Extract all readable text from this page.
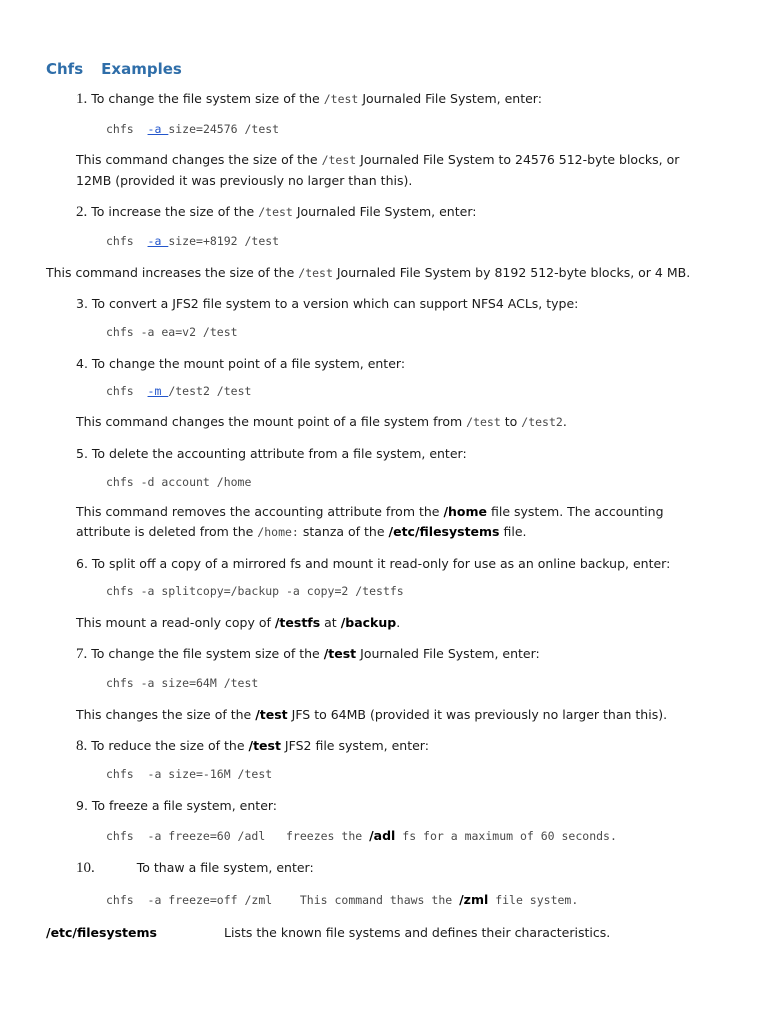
Chfs Examples
1. To change the file system size of the /test Journaled File System, enter:
chfs  -a size=24576 /test
This command changes the size of the /test Journaled File System to 24576 512-byte blocks, or
12MB (provided it was previously no larger than this).
2. To increase the size of the /test Journaled File System, enter:
chfs  -a size=+8192 /test
This command increases the size of the /test Journaled File System by 8192 512-byte blocks, or 4 MB.
3. To convert a JFS2 file system to a version which can support NFS4 ACLs, type:
chfs -a ea=v2 /test
4. To change the mount point of a file system, enter:
chfs  -m /test2 /test
This command changes the mount point of a file system from /test to /test2.
5. To delete the accounting attribute from a file system, enter:
chfs -d account /home
This command removes the accounting attribute from the /home file system. The accounting
attribute is deleted from the /home: stanza of the /etc/filesystems file.
6. To split off a copy of a mirrored fs and mount it read-only for use as an online backup, enter:
chfs -a splitcopy=/backup -a copy=2 /testfs
This mount a read-only copy of /testfs at /backup.
7. To change the file system size of the /test Journaled File System, enter:
chfs -a size=64M /test
This changes the size of the /test JFS to 64MB (provided it was previously no larger than this).
8. To reduce the size of the /test JFS2 file system, enter:
chfs  -a size=-16M /test
9. To freeze a file system, enter:
chfs  -a freeze=60 /adl   freezes the /adl fs for a maximum of 60 seconds.
10.	To thaw a file system, enter:
chfs  -a freeze=off /zml    This command thaws the /zml file system.
/etc/filesystems	Lists the known file systems and defines their characteristics.
